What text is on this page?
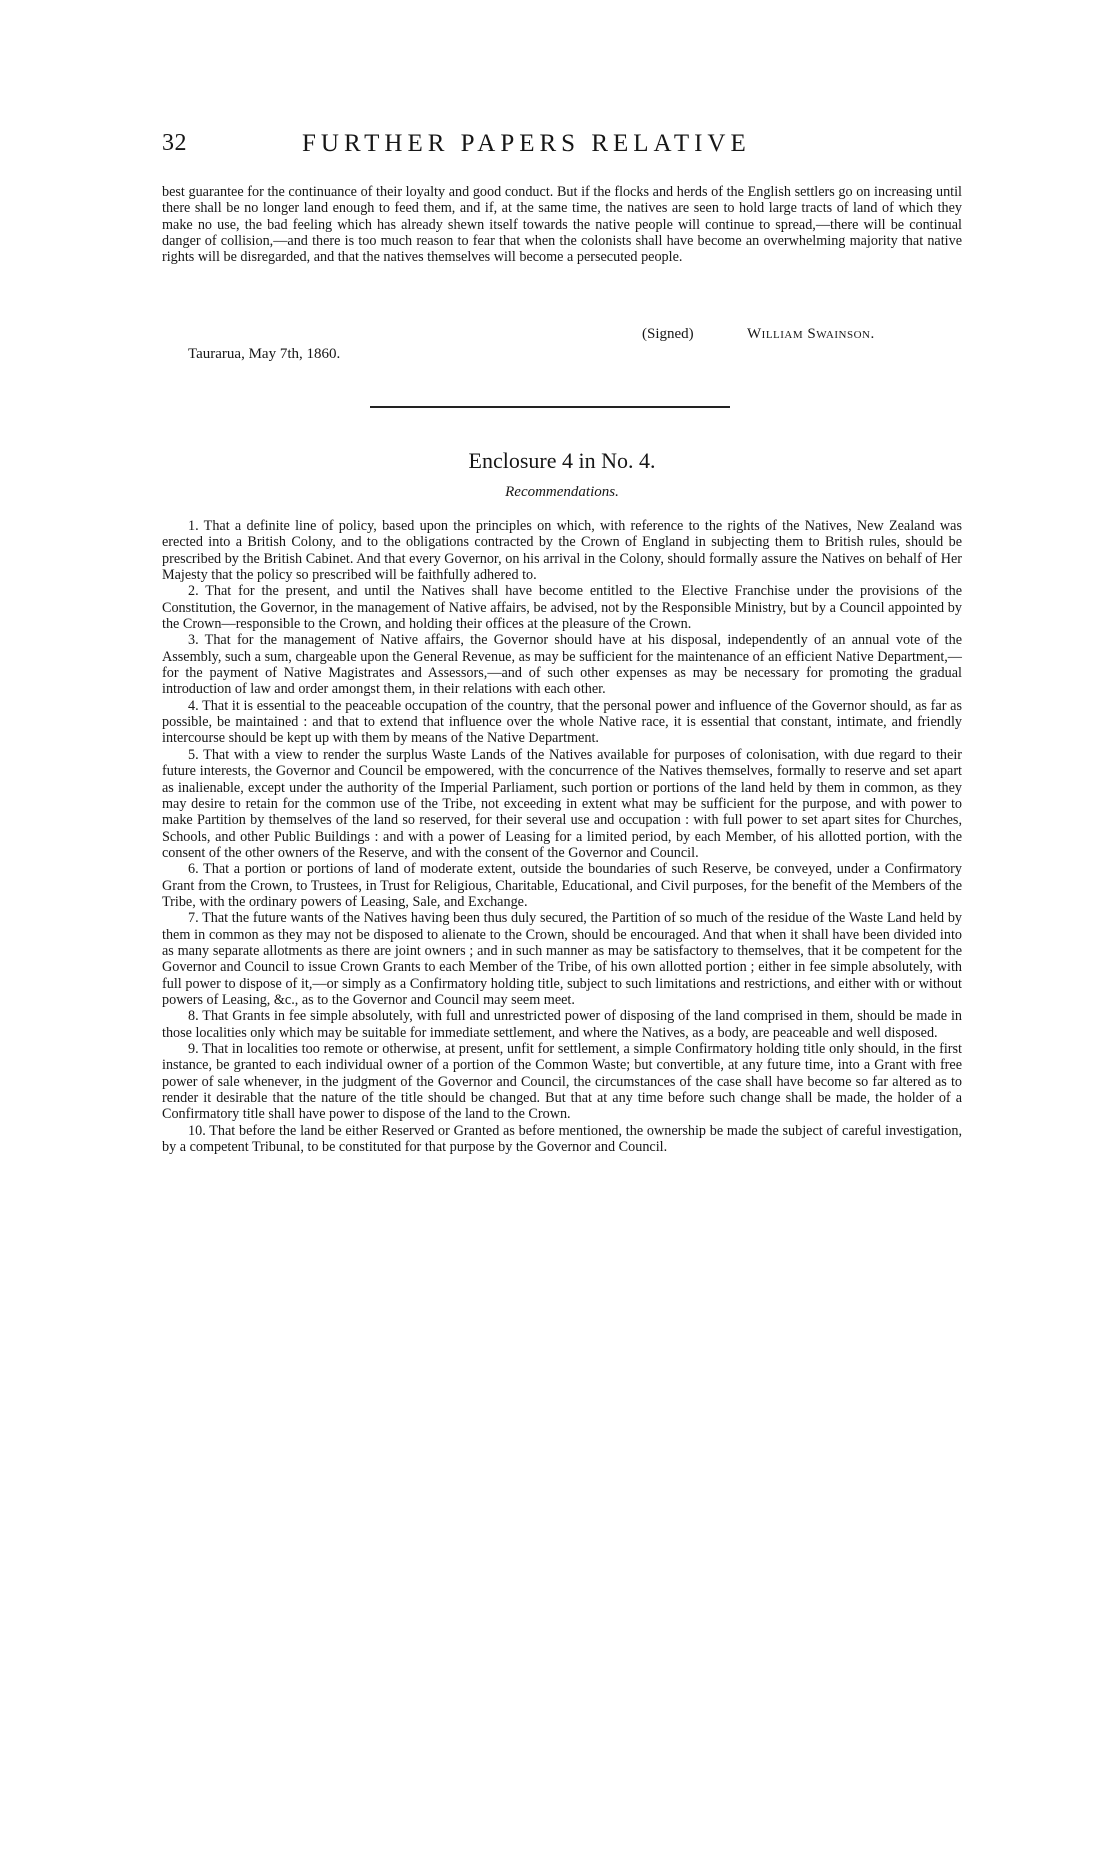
32	FURTHER PAPERS RELATIVE

best guarantee for the continuance of their loyalty and good conduct. But if the flocks and herds of the English settlers go on increasing until there shall be no longer land enough to feed them, and if, at the same time, the natives are seen to hold large tracts of land of which they make no use, the bad feeling which has already shewn itself towards the native people will continue to spread,—there will be continual danger of collision,—and there is too much reason to fear that when the colonists shall have become an overwhelming majority that native rights will be disregarded, and that the natives themselves will become a persecuted people.

(Signed)	William Swainson.
Taurarua, May 7th, 1860.
Enclosure 4 in No. 4.
Recommendations.

1. That a definite line of policy, based upon the principles on which, with reference to the rights of the Natives, New Zealand was erected into a British Colony, and to the obligations contracted by the Crown of England in subjecting them to British rules, should be prescribed by the British Cabinet. And that every Governor, on his arrival in the Colony, should formally assure the Natives on behalf of Her Majesty that the policy so prescribed will be faithfully adhered to.

2. That for the present, and until the Natives shall have become entitled to the Elective Franchise under the provisions of the Constitution, the Governor, in the management of Native affairs, be advised, not by the Responsible Ministry, but by a Council appointed by the Crown—responsible to the Crown, and holding their offices at the pleasure of the Crown.

3. That for the management of Native affairs, the Governor should have at his disposal, independently of an annual vote of the Assembly, such a sum, chargeable upon the General Revenue, as may be sufficient for the maintenance of an efficient Native Department,—for the payment of Native Magistrates and Assessors,—and of such other expenses as may be necessary for promoting the gradual introduction of law and order amongst them, in their relations with each other.

4. That it is essential to the peaceable occupation of the country, that the personal power and influence of the Governor should, as far as possible, be maintained : and that to extend that influence over the whole Native race, it is essential that constant, intimate, and friendly intercourse should be kept up with them by means of the Native Department.

5. That with a view to render the surplus Waste Lands of the Natives available for purposes of colonisation, with due regard to their future interests, the Governor and Council be empowered, with the concurrence of the Natives themselves, formally to reserve and set apart as inalienable, except under the authority of the Imperial Parliament, such portion or portions of the land held by them in common, as they may desire to retain for the common use of the Tribe, not exceeding in extent what may be sufficient for the purpose, and with power to make Partition by themselves of the land so reserved, for their several use and occupation : with full power to set apart sites for Churches, Schools, and other Public Buildings : and with a power of Leasing for a limited period, by each Member, of his allotted portion, with the consent of the other owners of the Reserve, and with the consent of the Governor and Council.

6. That a portion or portions of land of moderate extent, outside the boundaries of such Reserve, be conveyed, under a Confirmatory Grant from the Crown, to Trustees, in Trust for Religious, Charitable, Educational, and Civil purposes, for the benefit of the Members of the Tribe, with the ordinary powers of Leasing, Sale, and Exchange.

7. That the future wants of the Natives having been thus duly secured, the Partition of so much of the residue of the Waste Land held by them in common as they may not be disposed to alienate to the Crown, should be encouraged. And that when it shall have been divided into as many separate allotments as there are joint owners ; and in such manner as may be satisfactory to themselves, that it be competent for the Governor and Council to issue Crown Grants to each Member of the Tribe, of his own allotted portion ; either in fee simple absolutely, with full power to dispose of it,—or simply as a Confirmatory holding title, subject to such limitations and restrictions, and either with or without powers of Leasing, &c., as to the Governor and Council may seem meet.

8. That Grants in fee simple absolutely, with full and unrestricted power of disposing of the land comprised in them, should be made in those localities only which may be suitable for immediate settlement, and where the Natives, as a body, are peaceable and well disposed.

9. That in localities too remote or otherwise, at present, unfit for settlement, a simple Confirmatory holding title only should, in the first instance, be granted to each individual owner of a portion of the Common Waste; but convertible, at any future time, into a Grant with free power of sale whenever, in the judgment of the Governor and Council, the circumstances of the case shall have become so far altered as to render it desirable that the nature of the title should be changed. But that at any time before such change shall be made, the holder of a Confirmatory title shall have power to dispose of the land to the Crown.

10. That before the land be either Reserved or Granted as before mentioned, the ownership be made the subject of careful investigation, by a competent Tribunal, to be constituted for that purpose by the Governor and Council.
